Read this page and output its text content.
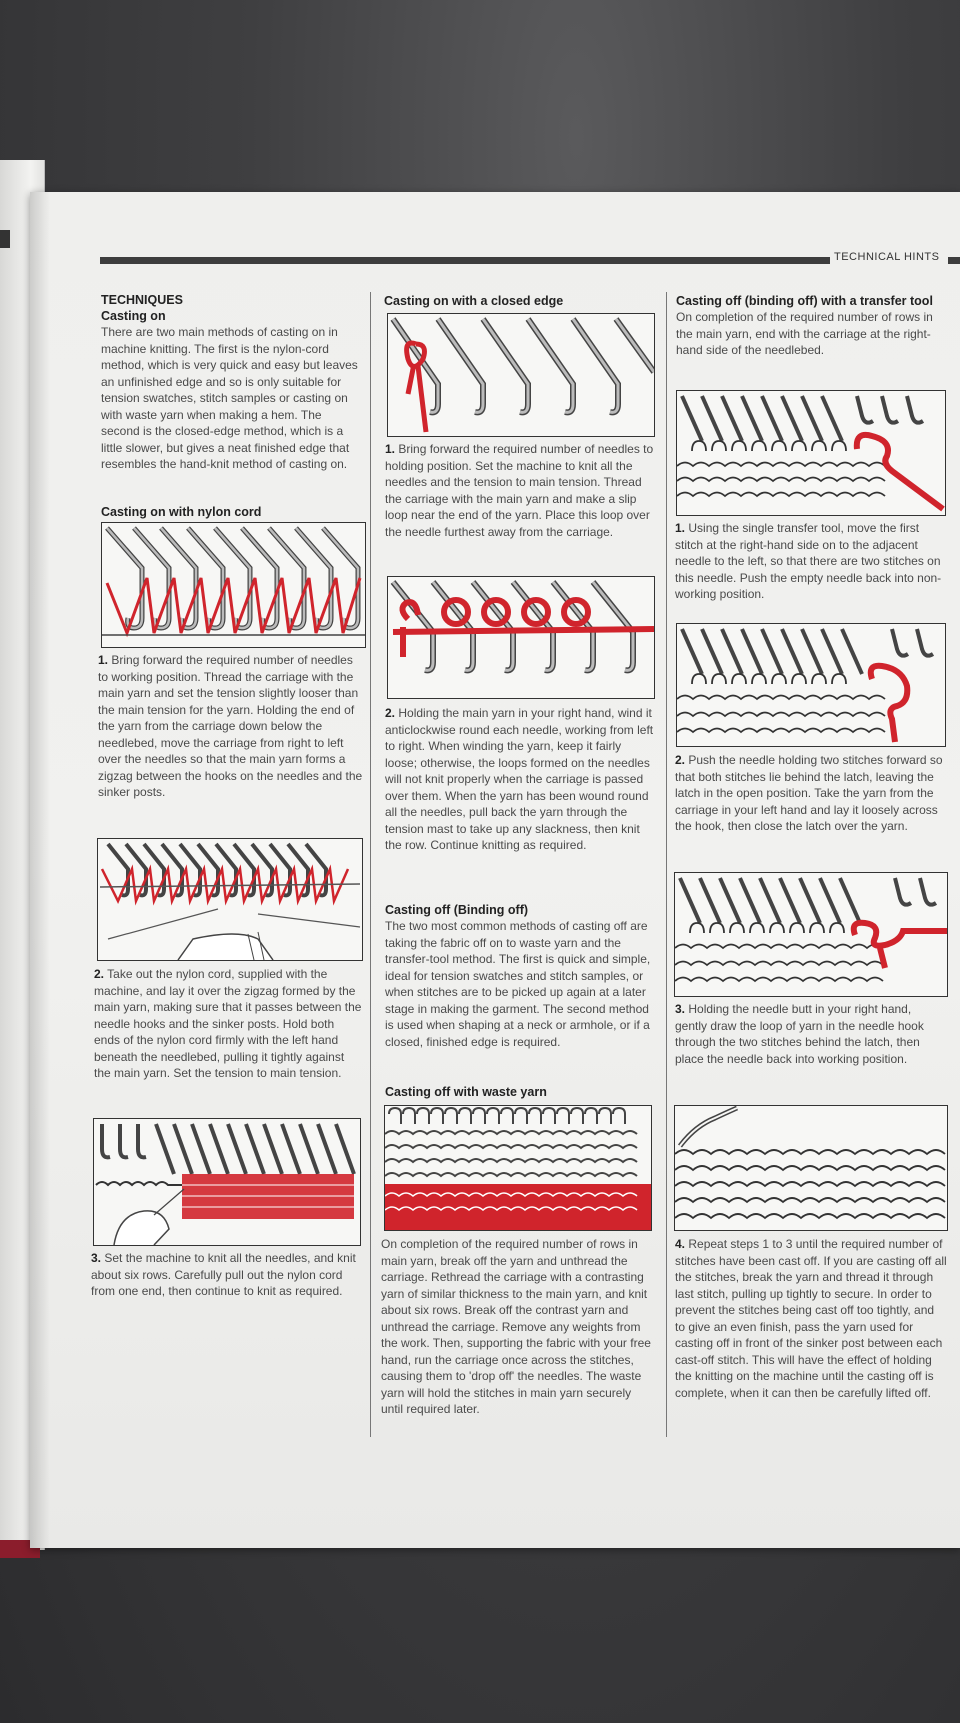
TECHNICAL HINTS

TECHNIQUES

Casting on

There are two main methods of casting on in machine knitting. The first is the nylon-cord method, which is very quick and easy but leaves an unfinished edge and so is only suitable for tension swatches, stitch samples or casting on with waste yarn when making a hem. The second is the closed-edge method, which is a little slower, but gives a neat finished edge that resembles the hand-knit method of casting on.

Casting on with nylon cord

1. Bring forward the required number of needles to working position. Thread the carriage with the main yarn and set the tension slightly looser than the main tension for the yarn. Holding the end of the yarn from the carriage down below the needlebed, move the carriage from right to left over the needles so that the main yarn forms a zigzag between the hooks on the needles and the sinker posts.

2. Take out the nylon cord, supplied with the machine, and lay it over the zigzag formed by the main yarn, making sure that it passes between the needle hooks and the sinker posts. Hold both ends of the nylon cord firmly with the left hand beneath the needlebed, pulling it tightly against the main yarn. Set the tension to main tension.

3. Set the machine to knit all the needles, and knit about six rows. Carefully pull out the nylon cord from one end, then continue to knit as required.

Casting on with a closed edge

1. Bring forward the required number of needles to holding position. Set the machine to knit all the needles and the tension to main tension. Thread the carriage with the main yarn and make a slip loop near the end of the yarn. Place this loop over the needle furthest away from the carriage.

2. Holding the main yarn in your right hand, wind it anticlockwise round each needle, working from left to right. When winding the yarn, keep it fairly loose; otherwise, the loops formed on the needles will not knit properly when the carriage is passed over them. When the yarn has been wound round all the needles, pull back the yarn through the tension mast to take up any slackness, then knit the row. Continue knitting as required.

Casting off (Binding off)

The two most common methods of casting off are taking the fabric off on to waste yarn and the transfer-tool method. The first is quick and simple, ideal for tension swatches and stitch samples, or when stitches are to be picked up again at a later stage in making the garment. The second method is used when shaping at a neck or armhole, or if a closed, finished edge is required.

Casting off with waste yarn

On completion of the required number of rows in main yarn, break off the yarn and unthread the carriage. Rethread the carriage with a contrasting yarn of similar thickness to the main yarn, and knit about six rows. Break off the contrast yarn and unthread the carriage. Remove any weights from the work. Then, supporting the fabric with your free hand, run the carriage once across the stitches, causing them to 'drop off' the needles. The waste yarn will hold the stitches in main yarn securely until required later.

Casting off (binding off) with a transfer tool

On completion of the required number of rows in the main yarn, end with the carriage at the right-hand side of the needlebed.

1. Using the single transfer tool, move the first stitch at the right-hand side on to the adjacent needle to the left, so that there are two stitches on this needle. Push the empty needle back into non-working position.

2. Push the needle holding two stitches forward so that both stitches lie behind the latch, leaving the latch in the open position. Take the yarn from the carriage in your left hand and lay it loosely across the hook, then close the latch over the yarn.

3. Holding the needle butt in your right hand, gently draw the loop of yarn in the needle hook through the two stitches behind the latch, then place the needle back into working position.

4. Repeat steps 1 to 3 until the required number of stitches have been cast off. If you are casting off all the stitches, break the yarn and thread it through last stitch, pulling up tightly to secure. In order to prevent the stitches being cast off too tightly, and to give an even finish, pass the yarn used for casting off in front of the sinker post between each cast-off stitch. This will have the effect of holding the knitting on the machine until the casting off is complete, when it can then be carefully lifted off.
